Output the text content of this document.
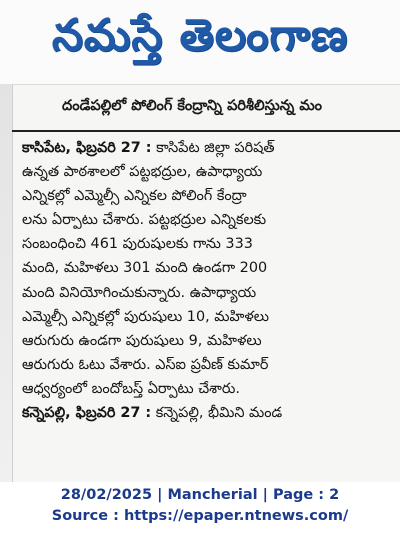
నమస్తే తెలంగాణ
దండేపల్లిలో పోలింగ్ కేంద్రాన్ని పరిశీలిస్తున్న మం
కాసిపేట, ఫిబ్రవరి 27 : కాసిపేట జిల్లా పరిషత్
ఉన్నత పాఠశాలలో పట్టభద్రుల, ఉపాధ్యాయ
ఎన్నికల్లో ఎమ్మెల్సీ ఎన్నికల పోలింగ్ కేంద్రా
లను ఏర్పాటు చేశారు. పట్టభద్రుల ఎన్నికలకు
సంబంధించి 461 పురుషులకు గాను 333
మంది, మహిళలు 301 మంది ఉండగా 200
మంది వినియోగించుకున్నారు. ఉపాధ్యాయ
ఎమ్మెల్సీ ఎన్నికల్లో పురుషులు 10, మహిళలు
ఆరుగురు ఉండగా పురుషులు 9, మహిళలు
ఆరుగురు ఓటు వేశారు. ఎస్ఐ ప్రవీణ్ కుమార్
ఆధ్వర్యంలో బందోబస్త్ ఏర్పాటు చేశారు.
కన్నెపల్లి, ఫిబ్రవరి 27 : కన్నెపల్లి, భీమిని మండ
28/02/2025 | Mancherial | Page : 2
Source : https://epaper.ntnews.com/
